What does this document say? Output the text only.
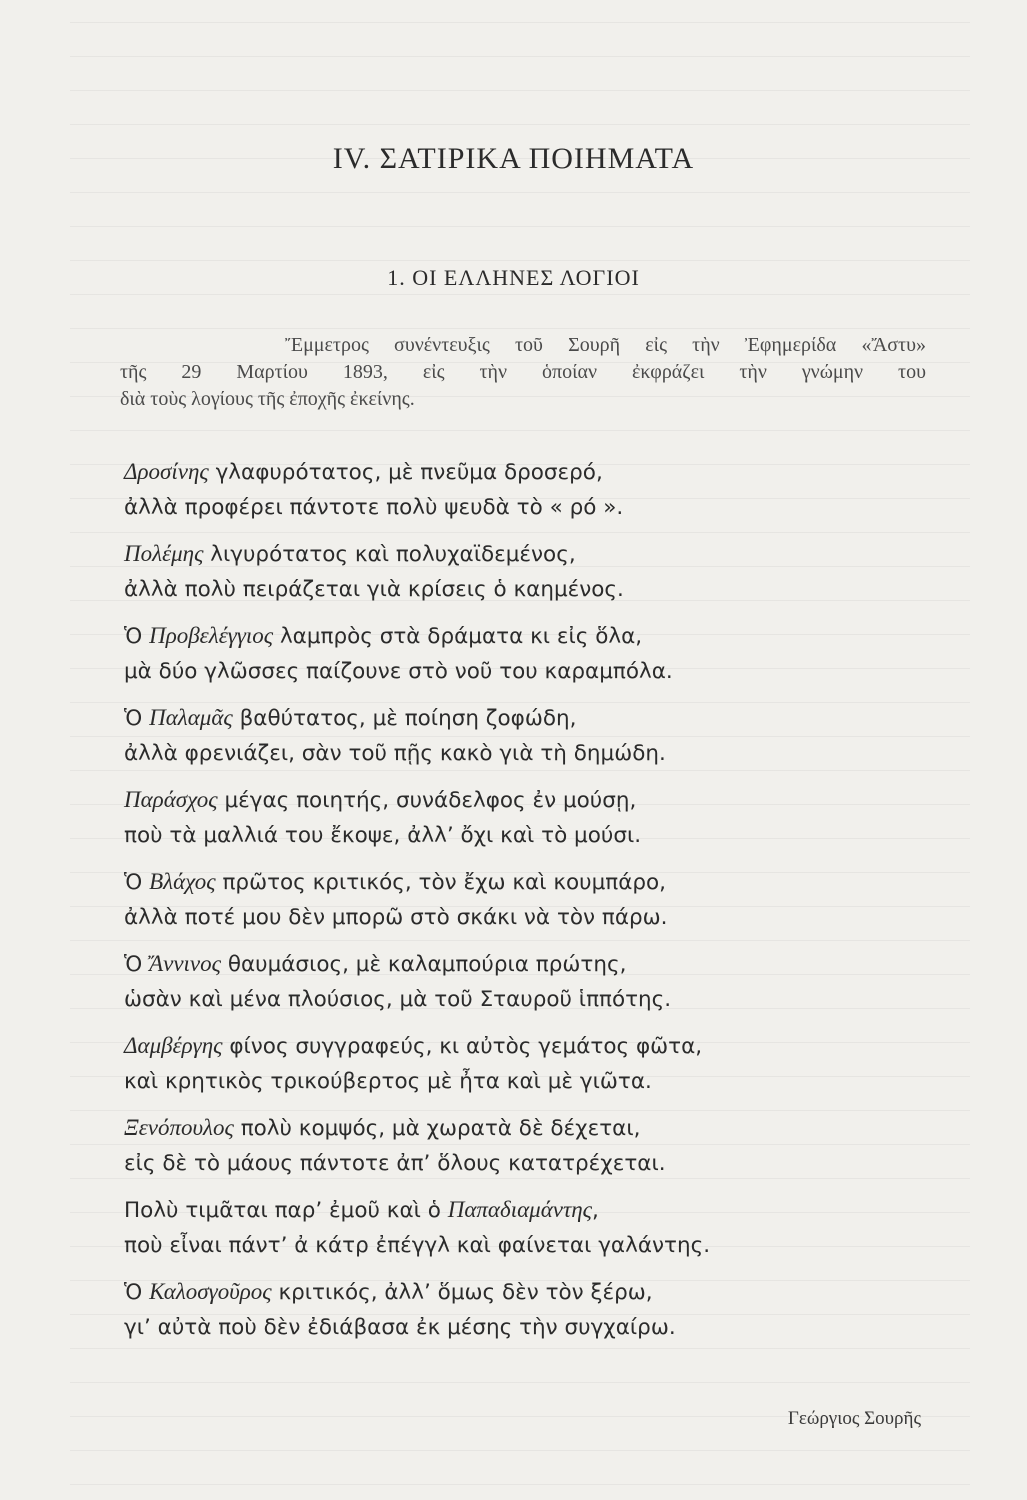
IV. ΣΑΤΙΡΙΚΑ ΠΟΙΗΜΑΤΑ
1. ΟΙ ΕΛΛΗΝΕΣ ΛΟΓΙΟΙ
Ἔμμετρος συνέντευξις τοῦ Σουρῆ εἰς τὴν Ἐφημερίδα «Ἄστυ»
τῆς 29 Μαρτίου 1893, εἰς τὴν ὁποίαν ἐκφράζει τὴν γνώμην του
διὰ τοὺς λογίους τῆς ἐποχῆς ἐκείνης.
Δροσίνης γλαφυρότατος, μὲ πνεῦμα δροσερό,
ἀλλὰ προφέρει πάντοτε πολὺ ψευδὰ τὸ « ρό ».
Πολέμης λιγυρότατος καὶ πολυχαϊδεμένος,
ἀλλὰ πολὺ πειράζεται γιὰ κρίσεις ὁ καημένος.
Ὁ Προβελέγγιος λαμπρὸς στὰ δράματα κι εἰς ὅλα,
μὰ δύο γλῶσσες παίζουνε στὸ νοῦ του καραμπόλα.
Ὁ Παλαμᾶς βαθύτατος, μὲ ποίηση ζοφώδη,
ἀλλὰ φρενιάζει, σὰν τοῦ πῇς κακὸ γιὰ τὴ δημώδη.
Παράσχος μέγας ποιητής, συνάδελφος ἐν μούσῃ,
ποὺ τὰ μαλλιά του ἔκοψε, ἀλλ’ ὄχι καὶ τὸ μούσι.
Ὁ Βλάχος πρῶτος κριτικός, τὸν ἔχω καὶ κουμπάρο,
ἀλλὰ ποτέ μου δὲν μπορῶ στὸ σκάκι νὰ τὸν πάρω.
Ὁ Ἄννινος θαυμάσιος, μὲ καλαμπούρια πρώτης,
ὡσὰν καὶ μένα πλούσιος, μὰ τοῦ Σταυροῦ ἱππότης.
Δαμβέργης φίνος συγγραφεύς, κι αὐτὸς γεμάτος φῶτα,
καὶ κρητικὸς τρικούβερτος μὲ ἦτα καὶ μὲ γιῶτα.
Ξενόπουλος πολὺ κομψός, μὰ χωρατὰ δὲ δέχεται,
εἰς δὲ τὸ μάους πάντοτε ἀπ’ ὅλους κατατρέχεται.
Πολὺ τιμᾶται παρ’ ἐμοῦ καὶ ὁ Παπαδιαμάντης,
ποὺ εἶναι πάντ’ ἀ κάτρ ἐπέγγλ καὶ φαίνεται γαλάντης.
Ὁ Καλοσγοῦρος κριτικός, ἀλλ’ ὅμως δὲν τὸν ξέρω,
γι’ αὐτὰ ποὺ δὲν ἐδιάβασα ἐκ μέσης τὴν συγχαίρω.
Γεώργιος Σουρῆς
